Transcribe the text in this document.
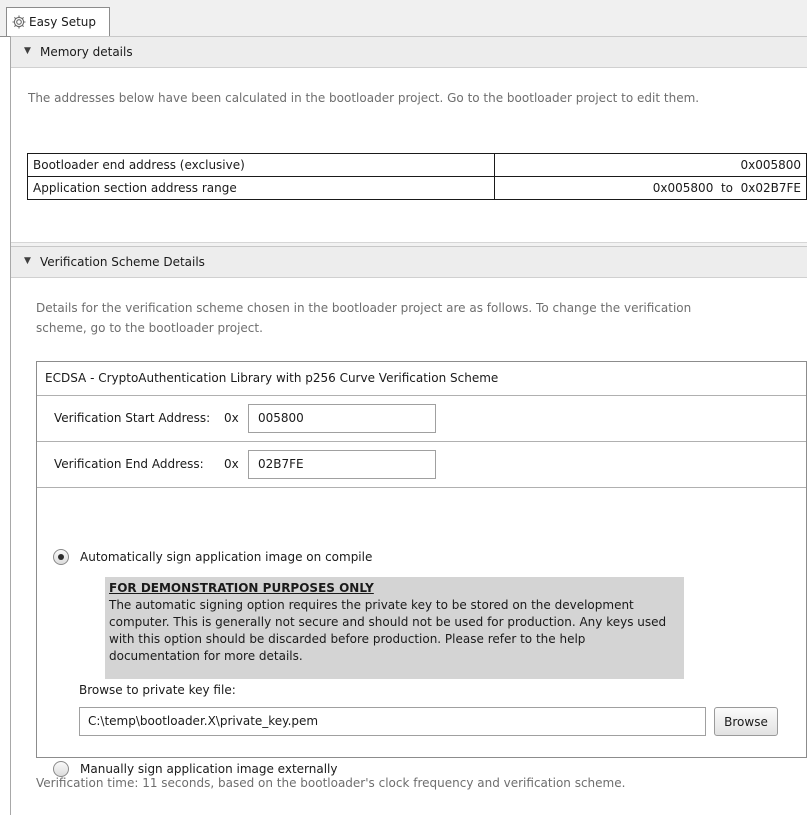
Easy Setup
▼ Memory details
The addresses below have been calculated in the bootloader project. Go to the bootloader project to edit them.
Bootloader end address (exclusive)	0x005800
Application section address range	0x005800  to  0x02B7FE
▼ Verification Scheme Details
Details for the verification scheme chosen in the bootloader project are as follows. To change the verification
scheme, go to the bootloader project.
ECDSA - CryptoAuthentication Library with p256 Curve Verification Scheme
Verification Start Address: 0x	005800
Verification End Address: 0x	02B7FE
Automatically sign application image on compile
FOR DEMONSTRATION PURPOSES ONLY
The automatic signing option requires the private key to be stored on the development
computer. This is generally not secure and should not be used for production. Any keys used
with this option should be discarded before production. Please refer to the help
documentation for more details.
Browse to private key file:
C:\temp\bootloader.X\private_key.pem	Browse
Manually sign application image externally
Verification time: 11 seconds, based on the bootloader's clock frequency and verification scheme.
